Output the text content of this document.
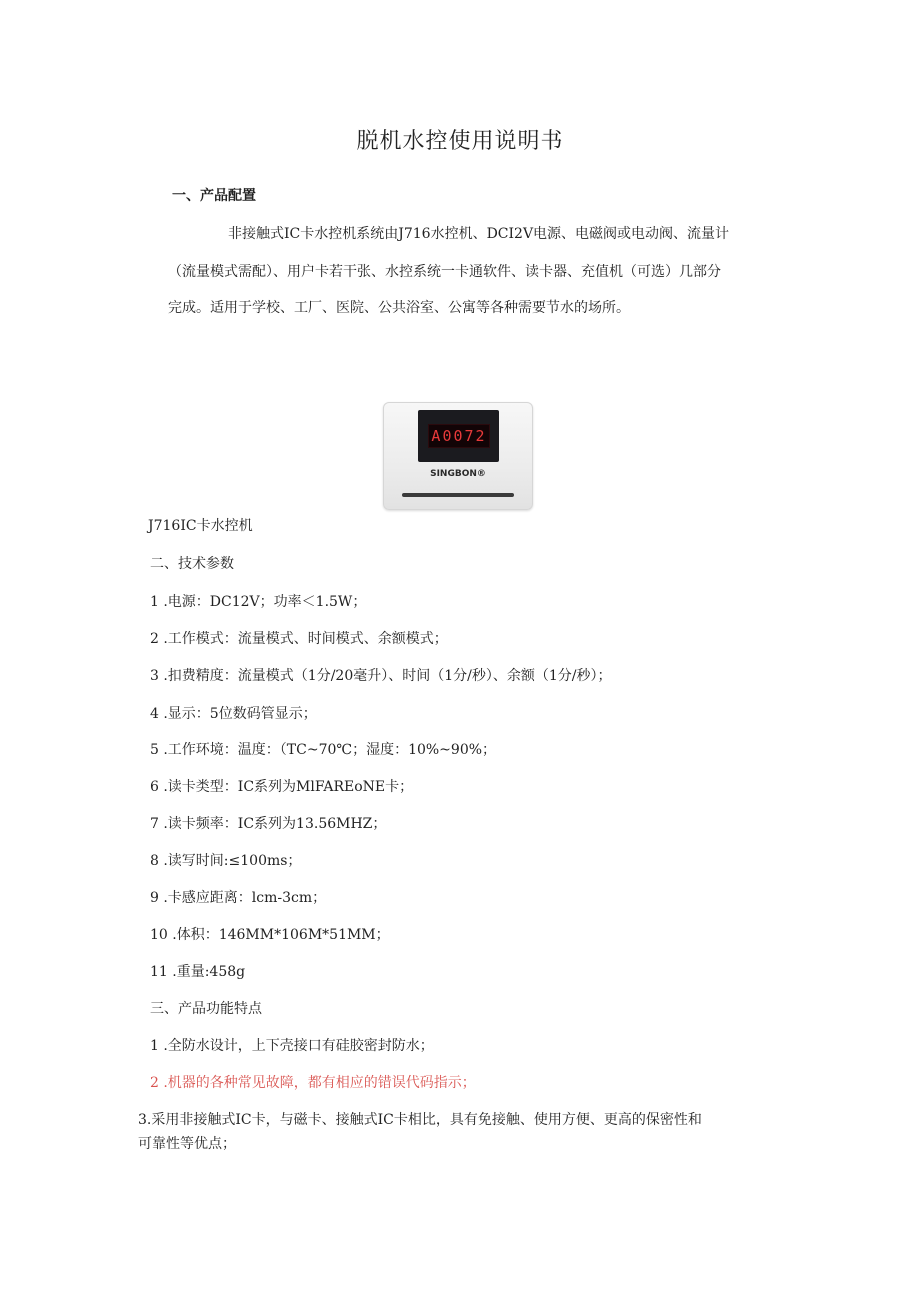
脱机水控使用说明书
一、产品配置
非接触式IC卡水控机系统由J716水控机、DCI2V电源、电磁阀或电动阀、流量计
（流量模式需配）、用户卡若干张、水控系统一卡通软件、读卡器、充值机（可选）几部分
完成。适用于学校、工厂、医院、公共浴室、公寓等各种需要节水的场所。
A0072
SINGBON®
J716IC卡水控机
二、技术参数
1 .电源：DC12V；功率＜1.5W；
2 .工作模式：流量模式、时间模式、余额模式；
3 .扣费精度：流量模式（1分/20毫升）、时间（1分/秒）、余额（1分/秒）；
4 .显示：5位数码管显示；
5 .工作环境：温度：（TC~70℃；湿度：10%~90%；
6 .读卡类型：IC系列为MlFAREoNE卡；
7 .读卡频率：IC系列为13.56MHZ；
8 .读写时间:≤100ms；
9 .卡感应距离：lcm-3cm；
10 .体积：146MM*106M*51MM；
11 .重量:458g
三、产品功能特点
1 .全防水设计，上下壳接口有硅胶密封防水；
2 .机器的各种常见故障，都有相应的错误代码指示；
3.采用非接触式IC卡，与磁卡、接触式IC卡相比，具有免接触、使用方便、更高的保密性和
可靠性等优点；
